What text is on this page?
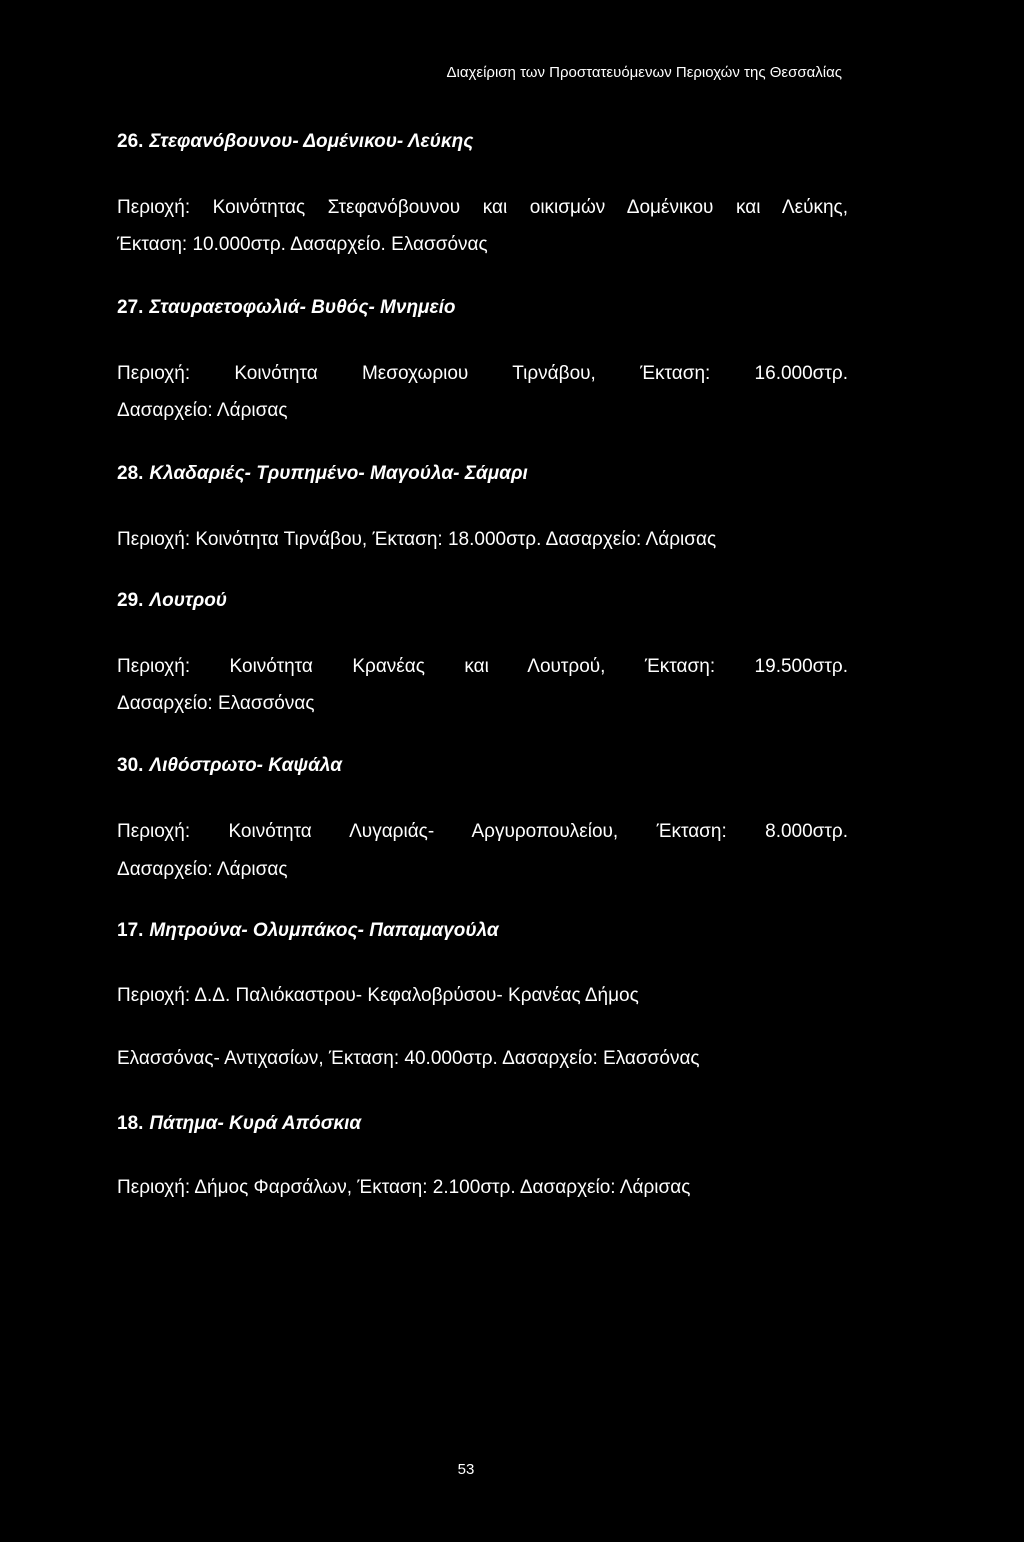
Διαχείριση των Προστατευόμενων Περιοχών της Θεσσαλίας
26. Στεφανόβουνου- Δομένικου- Λεύκης
Περιοχή: Κοινότητας Στεφανόβουνου και οικισμών Δομένικου και Λεύκης,
Έκταση: 10.000στρ. Δασαρχείο. Ελασσόνας
27. Σταυραετοφωλιά- Βυθός- Μνημείο
Περιοχή: Κοινότητα Μεσοχωριου Τιρνάβου, Έκταση: 16.000στρ.
Δασαρχείο: Λάρισας
28. Κλαδαριές- Τρυπημένο- Μαγούλα- Σάμαρι
Περιοχή: Κοινότητα Τιρνάβου, Έκταση: 18.000στρ. Δασαρχείο: Λάρισας
29. Λουτρού
Περιοχή: Κοινότητα Κρανέας και Λουτρού, Έκταση: 19.500στρ.
Δασαρχείο: Ελασσόνας
30. Λιθόστρωτο- Καψάλα
Περιοχή: Κοινότητα Λυγαριάς- Αργυροπουλείου, Έκταση: 8.000στρ.
Δασαρχείο: Λάρισας
17. Μητρούνα- Ολυμπάκος- Παπαμαγούλα
Περιοχή: Δ.Δ. Παλιόκαστρου- Κεφαλοβρύσου- Κρανέας Δήμος
Ελασσόνας- Αντιχασίων, Έκταση: 40.000στρ. Δασαρχείο: Ελασσόνας
18. Πάτημα- Κυρά Απόσκια
Περιοχή: Δήμος Φαρσάλων, Έκταση: 2.100στρ. Δασαρχείο: Λάρισας
53
